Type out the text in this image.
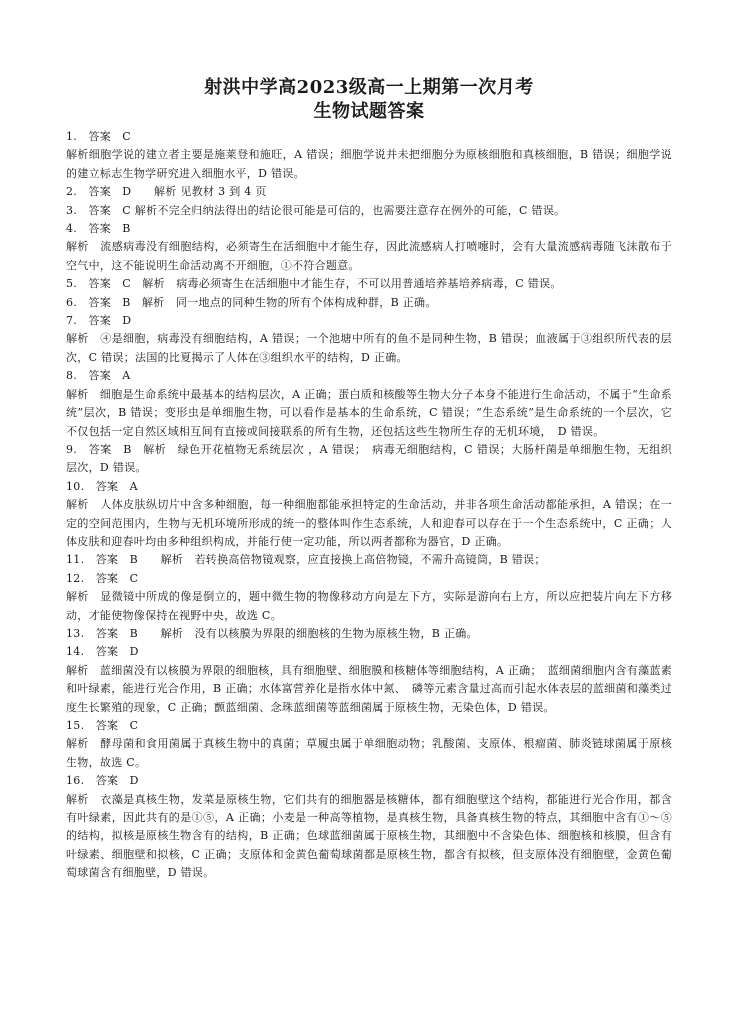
射洪中学高2023级高一上期第一次月考
生物试题答案

1.　答案　C

解析细胞学说的建立者主要是施莱登和施旺，A 错误；细胞学说并未把细胞分为原核细胞和真核细胞，B 错误；细胞学说的建立标志生物学研究进入细胞水平，D 错误。

2.　答案　D　　解析 见教材 3 到 4 页

3.　答案　C 解析不完全归纳法得出的结论很可能是可信的，也需要注意存在例外的可能，C 错误。

4.　答案　B

解析　流感病毒没有细胞结构，必须寄生在活细胞中才能生存，因此流感病人打喷嚏时，会有大量流感病毒随飞沫散布于空气中，这不能说明生命活动离不开细胞，①不符合题意。

5.　答案　C　解析　病毒必须寄生在活细胞中才能生存，不可以用普通培养基培养病毒，C 错误。

6.　答案　B　解析　同一地点的同种生物的所有个体构成种群，B 正确。

7.　答案　D

解析　④是细胞，病毒没有细胞结构，A 错误；一个池塘中所有的鱼不是同种生物，B 错误；血液属于③组织所代表的层次，C 错误；法国的比夏揭示了人体在③组织水平的结构，D 正确。

8.　答案　A

解析　细胞是生命系统中最基本的结构层次，A 正确；蛋白质和核酸等生物大分子本身不能进行生命活动，不属于“生命系统”层次，B 错误；变形虫是单细胞生物，可以看作是基本的生命系统，C 错误；“生态系统”是生命系统的一个层次，它不仅包括一定自然区域相互间有直接或间接联系的所有生物，还包括这些生物所生存的无机环境，　D 错误。

9.　答案　B　解析　绿色开花植物无系统层次 ，A 错误；　病毒无细胞结构，C 错误；大肠杆菌是单细胞生物，无组织层次，D 错误。

10.　答案　A

解析　人体皮肤纵切片中含多种细胞，每一种细胞都能承担特定的生命活动，并非各项生命活动都能承担，A 错误；在一定的空间范围内，生物与无机环境所形成的统一的整体叫作生态系统，人和迎春可以存在于一个生态系统中，C 正确；人体皮肤和迎春叶均由多种组织构成，并能行使一定功能，所以两者都称为器官，D 正确。

11.　答案　B　　解析　若转换高倍物镜观察，应直接换上高倍物镜，不需升高镜筒，B 错误；

12.　答案　C

解析　显微镜中所成的像是倒立的，题中微生物的物像移动方向是左下方，实际是游向右上方，所以应把装片向左下方移动，才能使物像保持在视野中央，故选 C。

13.　答案　B　　解析　没有以核膜为界限的细胞核的生物为原核生物，B 正确。

14.　答案　D

解析　蓝细菌没有以核膜为界限的细胞核，具有细胞壁、细胞膜和核糖体等细胞结构，A 正确；　蓝细菌细胞内含有藻蓝素和叶绿素，能进行光合作用，B 正确；水体富营养化是指水体中氮、　磷等元素含量过高而引起水体表层的蓝细菌和藻类过度生长繁殖的现象，C 正确；颤蓝细菌、念珠蓝细菌等蓝细菌属于原核生物，无染色体，D 错误。

15.　答案　C

解析　酵母菌和食用菌属于真核生物中的真菌；草履虫属于单细胞动物；乳酸菌、支原体、根瘤菌、肺炎链球菌属于原核生物，故选 C。

16.　答案　D

解析　衣藻是真核生物，发菜是原核生物，它们共有的细胞器是核糖体，都有细胞壁这个结构，都能进行光合作用，都含有叶绿素，因此共有的是①⑤，A 正确；小麦是一种高等植物，是真核生物，具备真核生物的特点，其细胞中含有①～⑤的结构，拟核是原核生物含有的结构，B 正确；色球蓝细菌属于原核生物，其细胞中不含染色体、细胞核和核膜，但含有叶绿素、细胞壁和拟核，C 正确；支原体和金黄色葡萄球菌都是原核生物，都含有拟核，但支原体没有细胞壁，金黄色葡萄球菌含有细胞壁，D 错误。
